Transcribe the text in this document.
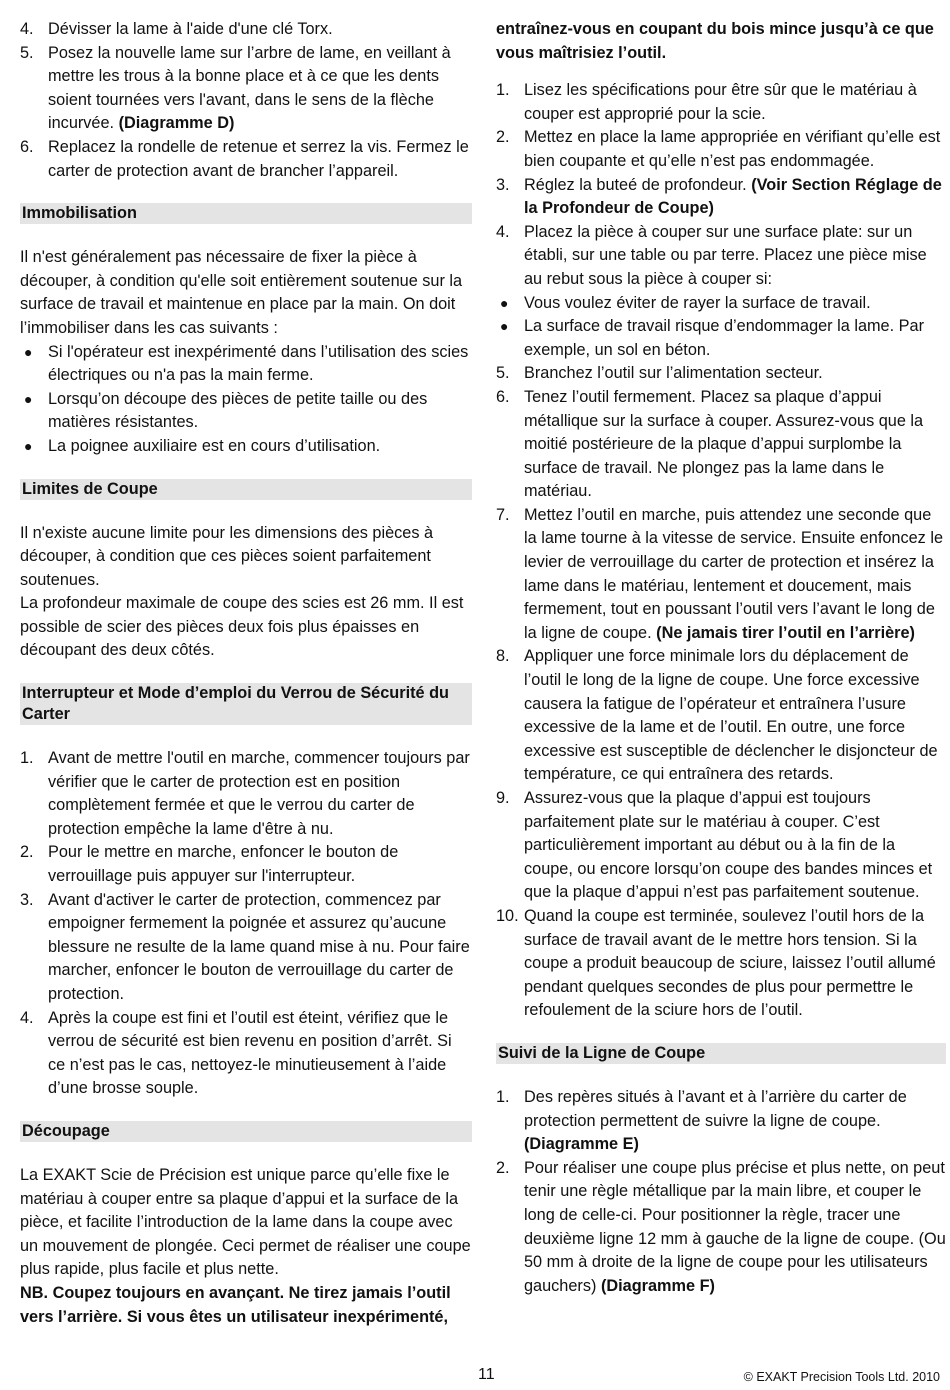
4. Dévisser la lame à l'aide d'une clé Torx.
5. Posez la nouvelle lame sur l’arbre de lame, en veillant à mettre les trous à la bonne place et à ce que les dents soient tournées vers l'avant, dans le sens de la flèche incurvée. (Diagramme D)
6. Replacez la rondelle de retenue et serrez la vis. Fermez le carter de protection avant de brancher l’appareil.
Immobilisation

Il n'est généralement pas nécessaire de fixer la pièce à découper, à condition qu'elle soit entièrement soutenue sur la surface de travail et maintenue en place par la main. On doit l’immobiliser dans les cas suivants :

● Si l'opérateur est inexpérimenté dans l’utilisation des scies électriques ou n'a pas la main ferme.
● Lorsqu’on découpe des pièces de petite taille ou des matières résistantes.
● La poignee auxiliaire est en cours d’utilisation.
Limites de Coupe

Il n'existe aucune limite pour les dimensions des pièces à découper, à condition que ces pièces soient parfaitement soutenues.

La profondeur maximale de coupe des scies est 26 mm. Il est possible de scier des pièces deux fois plus épaisses en découpant des deux côtés.

Interrupteur et Mode d’emploi du Verrou de Sécurité du Carter
1. Avant de mettre l'outil en marche, commencer toujours par vérifier que le carter de protection est en position complètement fermée et que le verrou du carter de protection empêche la lame d'être à nu.
2. Pour le mettre en marche, enfoncer le bouton de verrouillage puis appuyer sur l'interrupteur.
3. Avant d'activer le carter de protection, commencez par empoigner fermement la poignée et assurez qu’aucune blessure ne resulte de la lame quand mise à nu. Pour faire marcher, enfoncer le bouton de verrouillage du carter de protection.
4. Après la coupe est fini et l’outil est éteint, vérifiez que le verrou de sécurité est bien revenu en position d’arrêt. Si ce n’est pas le cas, nettoyez-le minutieusement à l’aide d’une brosse souple.
Découpage

La EXAKT Scie de Précision est unique parce qu’elle fixe le matériau à couper entre sa plaque d’appui et la surface de la pièce, et facilite l’introduction de la lame dans la coupe avec un mouvement de plongée. Ceci permet de réaliser une coupe plus rapide, plus facile et plus nette.

NB. Coupez toujours en avançant. Ne tirez jamais l’outil vers l’arrière. Si vous êtes un utilisateur inexpérimenté,

entraînez-vous en coupant du bois mince jusqu’à ce que vous maîtrisiez l’outil.

1. Lisez les spécifications pour être sûr que le matériau à couper est approprié pour la scie.
2. Mettez en place la lame appropriée en vérifiant qu’elle est bien coupante et qu’elle n’est pas endommagée.
3. Réglez la buteé de profondeur. (Voir Section Réglage de la Profondeur de Coupe)
4. Placez la pièce à couper sur une surface plate: sur un établi, sur une table ou par terre. Placez une pièce mise au rebut sous la pièce à couper si:
● Vous voulez éviter de rayer la surface de travail.
● La surface de travail risque d’endommager la lame. Par exemple, un sol en béton.
5. Branchez l’outil sur l’alimentation secteur.
6. Tenez l’outil fermement. Placez sa plaque d’appui métallique sur la surface à couper. Assurez-vous que la moitié postérieure de la plaque d’appui surplombe la surface de travail. Ne plongez pas la lame dans le matériau.
7. Mettez l’outil en marche, puis attendez une seconde que la lame tourne à la vitesse de service. Ensuite enfoncez le levier de verrouillage du carter de protection et insérez la lame dans le matériau, lentement et doucement, mais fermement, tout en poussant l’outil vers l’avant le long de la ligne de coupe. (Ne jamais tirer l’outil en l’arrière)
8. Appliquer une force minimale lors du déplacement de l’outil le long de la ligne de coupe. Une force excessive causera la fatigue de l’opérateur et entraînera l’usure excessive de la lame et de l’outil. En outre, une force excessive est susceptible de déclencher le disjoncteur de température, ce qui entraînera des retards.
9. Assurez-vous que la plaque d’appui est toujours parfaitement plate sur le matériau à couper. C’est particulièrement important au début ou à la fin de la coupe, ou encore lorsqu’on coupe des bandes minces et que la plaque d’appui n’est pas parfaitement soutenue.
10. Quand la coupe est terminée, soulevez l’outil hors de la surface de travail avant de le mettre hors tension. Si la coupe a produit beaucoup de sciure, laissez l’outil allumé pendant quelques secondes de plus pour permettre le refoulement de la sciure hors de l’outil.
Suivi de la Ligne de Coupe
1. Des repères situés à l’avant et à l’arrière du carter de protection permettent de suivre la ligne de coupe. (Diagramme E)
2. Pour réaliser une coupe plus précise et plus nette, on peut tenir une règle métallique par la main libre, et couper le long de celle-ci. Pour positionner la règle, tracer une deuxième ligne 12 mm à gauche de la ligne de coupe. (Ou 50 mm à droite de la ligne de coupe pour les utilisateurs gauchers) (Diagramme F)
11	© EXAKT Precision Tools Ltd. 2010
